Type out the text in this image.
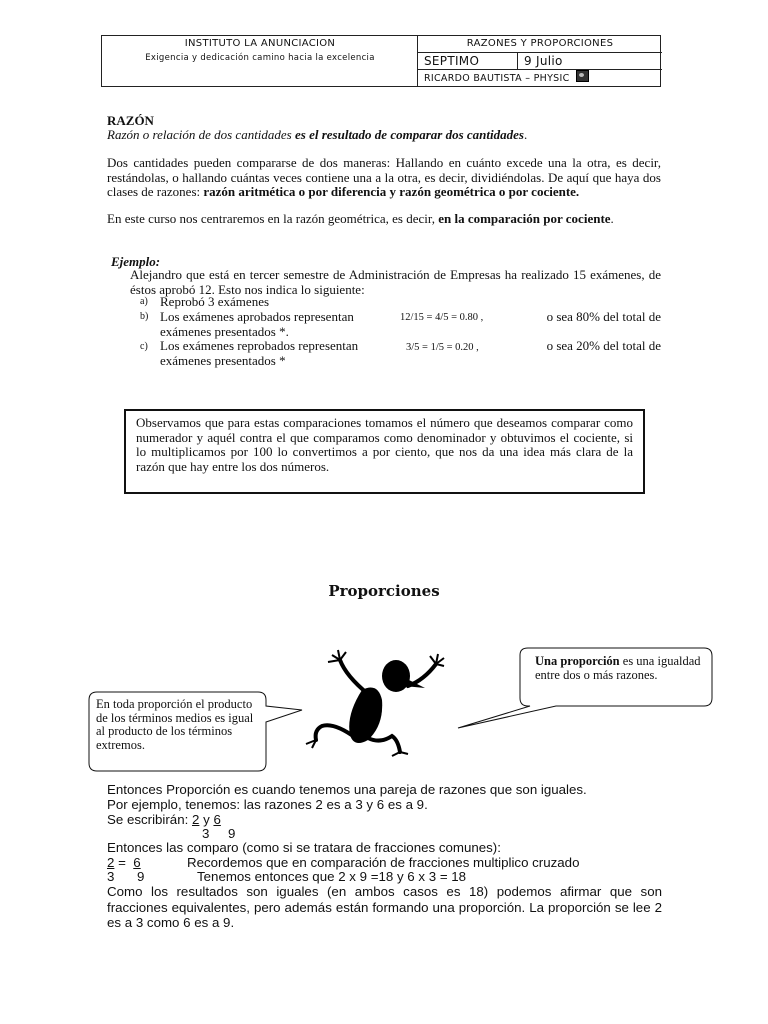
INSTITUTO LA ANUNCIACION
Exigencia y dedicación camino hacia la excelencia
RAZONES Y PROPORCIONES
SEPTIMO	9 Julio
RICARDO BAUTISTA – PHYSIC
RAZÓN
Razón o relación de dos cantidades es el resultado de comparar dos cantidades.
Dos cantidades pueden compararse de dos maneras: Hallando en cuánto excede una la otra, es decir, restándolas, o hallando cuántas veces contiene una a la otra, es decir, dividiéndolas. De aquí que haya dos clases de razones: razón aritmética o por diferencia y razón geométrica o por cociente.
En este curso nos centraremos en la razón geométrica, es decir, en la comparación por cociente.
Ejemplo:
Alejandro que está en tercer semestre de Administración de Empresas ha realizado 15 exámenes, de éstos aprobó 12. Esto nos indica lo siguiente:
a) Reprobó 3 exámenes
b) Los exámenes aprobados representan	12/15 = 4/5 = 0.80 ,	o sea 80% del total de
exámenes presentados *.
c) Los exámenes reprobados representan	3/5 = 1/5 = 0.20 ,	o sea 20% del total de
exámenes presentados *
Observamos que para estas comparaciones tomamos el número que deseamos comparar como numerador y aquél contra el que comparamos como denominador y obtuvimos el cociente, si lo multiplicamos por 100 lo convertimos a por ciento, que nos da una idea más clara de la razón que hay entre los dos números.
Proporciones
Una proporción es una igualdad entre dos o más razones.
En toda proporción el producto de los términos medios es igual al producto de los términos extremos.
Entonces Proporción es cuando tenemos una pareja de razones que son iguales.
Por ejemplo, tenemos: las razones 2 es a 3 y 6 es a 9.
Se escribirán: 2 y 6
3 9
Entonces las comparo (como si se tratara de fracciones comunes):
2 =  6	Recordemos que en comparación de fracciones multiplico cruzado
3 9	Tenemos entonces que 2 x 9 =18 y 6 x 3 = 18
Como los resultados son iguales (en ambos casos es 18) podemos afirmar que son fracciones equivalentes, pero además están formando una proporción. La proporción se lee 2 es a 3 como 6 es a 9.
